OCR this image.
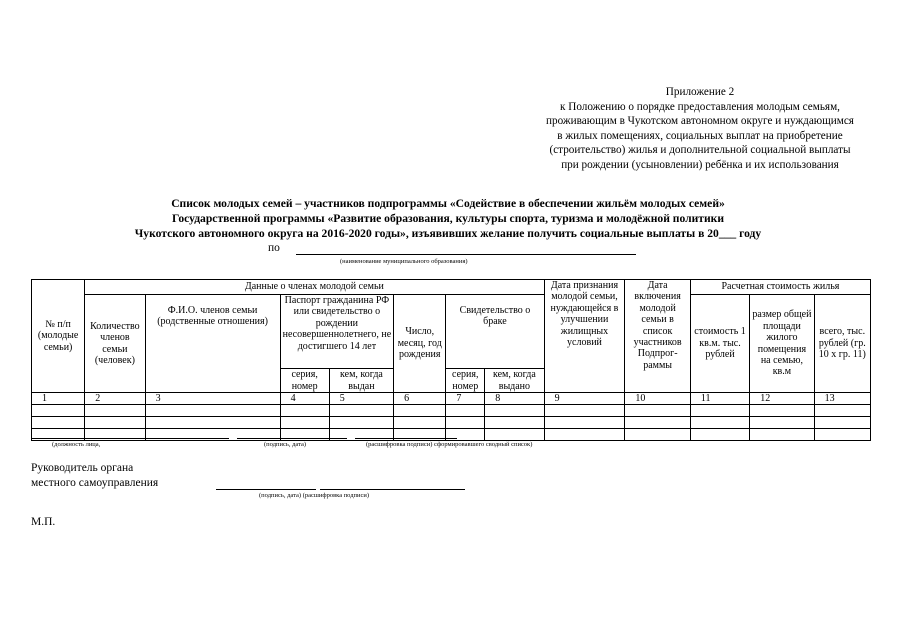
Приложение 2
к Положению о порядке предоставления молодым семьям,
проживающим в Чукотском автономном округе и нуждающимся
в жилых помещениях, социальных выплат на приобретение
(строительство) жилья и дополнительной социальной выплаты
при рождении (усыновлении) ребёнка и их использования
Список молодых семей – участников подпрограммы «Содействие в обеспечении жильём молодых семей»
Государственной программы «Развитие образования, культуры спорта, туризма и молодёжной политики
Чукотского автономного округа на 2016-2020 годы», изъявивших желание получить социальные выплаты в 20___ году
по
(наименование муниципального образования)
№ п/п (молодые семьи)	Данные о членах молодой семьи							Дата признания молодой семьи, нуждающейся в улучшении жилищных условий	Дата включения молодой семьи в список участников Подпрог-раммы	Расчетная стоимость жилья		
	Количество членов семьи (человек)	Ф.И.О. членов семьи (родственные отношения)	Паспорт гражданина РФ или свидетельство о рождении несовершеннолетнего, не достигшего 14 лет		Число, месяц, год рождения	Свидетельство о браке				стоимость 1 кв.м. тыс. рублей	размер общей площади жилого помещения на семью, кв.м	всего, тыс. рублей (гр. 10 х гр. 11)
			серия, номер	кем, когда выдан		серия, номер	кем, когда выдано					
1	2	3	4	5	6	7	8	9	10	11	12	13

(должность лица,	(подпись, дата)	(расшифровка подписи) сформировавшего сводный список)
Руководитель органа
местного самоуправления
(подпись, дата) (расшифровка подписи)
М.П.
